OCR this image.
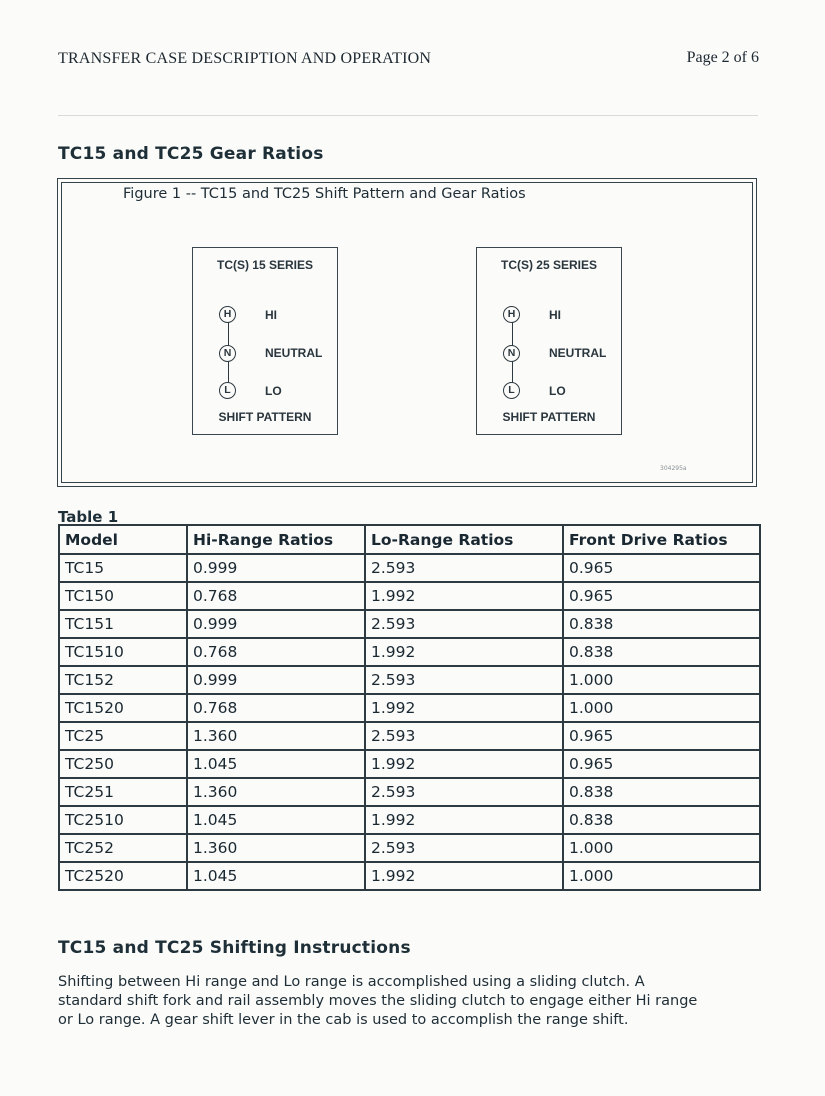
TRANSFER CASE DESCRIPTION AND OPERATION	Page 2 of 6
TC15 and TC25 Gear Ratios
Figure 1 -- TC15 and TC25 Shift Pattern and Gear Ratios
TC(S) 15 SERIES
H	HI
N	NEUTRAL
L	LO
SHIFT PATTERN
TC(S) 25 SERIES
H	HI
N	NEUTRAL
L	LO
SHIFT PATTERN
304295a
Table 1
Model	Hi-Range Ratios	Lo-Range Ratios	Front Drive Ratios
TC15	0.999	2.593	0.965
TC150	0.768	1.992	0.965
TC151	0.999	2.593	0.838
TC1510	0.768	1.992	0.838
TC152	0.999	2.593	1.000
TC1520	0.768	1.992	1.000
TC25	1.360	2.593	0.965
TC250	1.045	1.992	0.965
TC251	1.360	2.593	0.838
TC2510	1.045	1.992	0.838
TC252	1.360	2.593	1.000
TC2520	1.045	1.992	1.000
TC15 and TC25 Shifting Instructions
Shifting between Hi range and Lo range is accomplished using a sliding clutch. A
standard shift fork and rail assembly moves the sliding clutch to engage either Hi range
or Lo range. A gear shift lever in the cab is used to accomplish the range shift.
